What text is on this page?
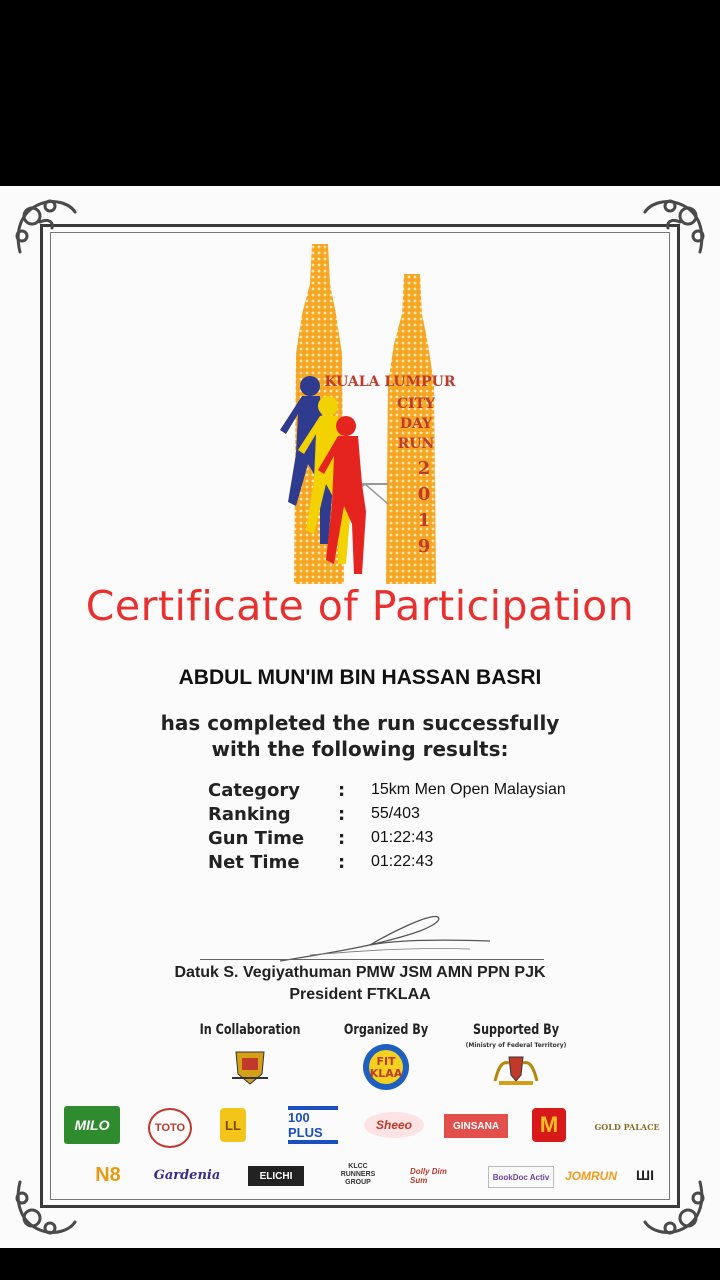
KUALA LUMPUR
CITY
DAY
RUN
2
0
1
9
Certificate of Participation
ABDUL MUN'IM BIN HASSAN BASRI
has completed the run successfully
with the following results:
Category	:	15km Men Open Malaysian
Ranking	:	55/403
Gun Time	:	01:22:43
Net Time	:	01:22:43
Datuk S. Vegiyathuman PMW JSM AMN PPN PJK
President FTKLAA
In Collaboration	Organized By
FIT
KLAA
Supported By
(Ministry of Federal Territory)
MILO	TOTO	LL	100 PLUS	Sheeo	GINSANA	M	GOLD PALACE
N8	Gardenia	ELICHI
KLCC RUNNERS GROUP
Dolly Dim Sum	BookDoc Activ	JOMRUN ШІ
